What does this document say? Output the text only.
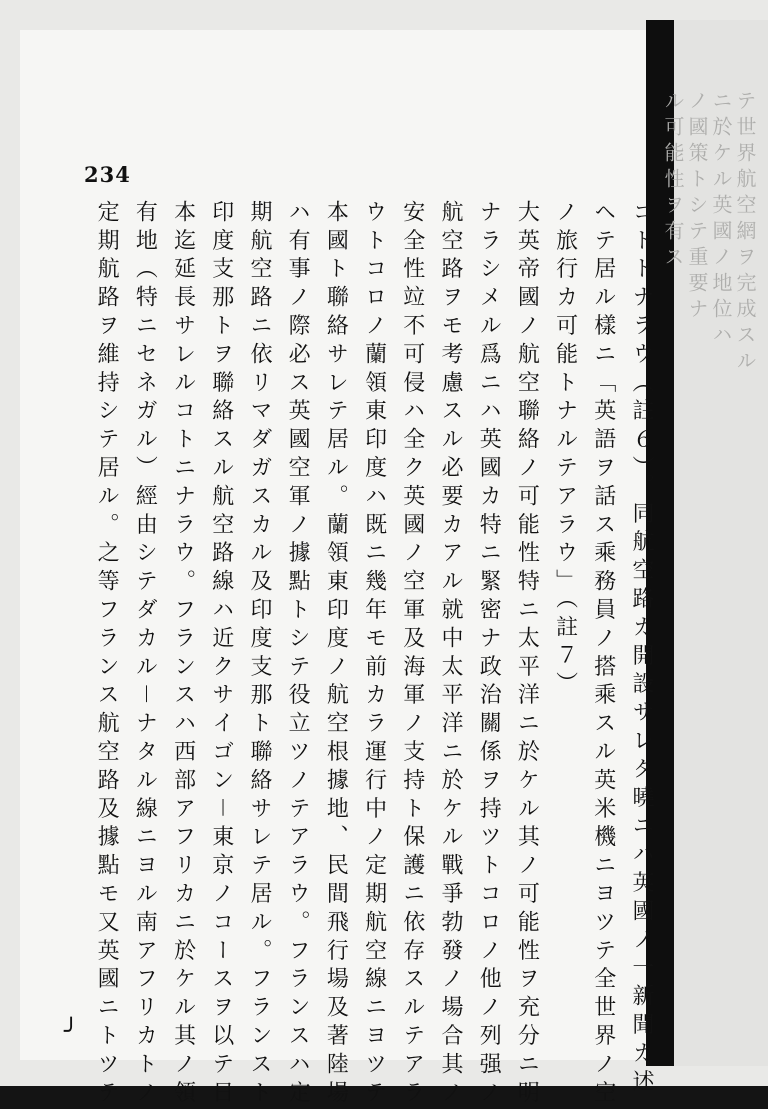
テ世界航空網ヲ完成スル
ニ於ケル英國ノ地位ハ
ノ國策トシテ重要ナ
ル可能性ヲ有ス
234
コトトナラウ（註６）。同航空路カ開設サレタ曉ニハ英國ノ一新聞カ述
ヘテ居ル樣ニ「英語ヲ話ス乘務員ノ搭乘スル英米機ニヨツテ全世界ノ空
ノ旅行カ可能トナルテアラウ」（註７）
大英帝國ノ航空聯絡ノ可能性特ニ太平洋ニ於ケル其ノ可能性ヲ充分ニ明
ナラシメル爲ニハ英國カ特ニ緊密ナ政治關係ヲ持ツトコロノ他ノ列强ノ
航空路ヲモ考慮スル必要カアル就中太平洋ニ於ケル戰爭勃發ノ場合其ノ
安全性竝不可侵ハ全ク英國ノ空軍及海軍ノ支持ト保護ニ依存スルテアラ
ウトコロノ蘭領東印度ハ既ニ幾年モ前カラ運行中ノ定期航空線ニヨツテ
本國ト聯絡サレテ居ル。蘭領東印度ノ航空根據地、民間飛行場及著陸場
ハ有事ノ際必ス英國空軍ノ據點トシテ役立ツノテアラウ。フランスハ定
期航空路ニ依リマダガスカル及印度支那ト聯絡サレテ居ル。フランスト
印度支那トヲ聯絡スル航空路線ハ近クサイゴン－東京ノコースヲ以テ日
本迄延長サレルコトニナラウ。フランスハ西部アフリカニ於ケル其ノ領
有地（特ニセネガル）經由シテダカル－ナタル線ニヨル南アフリカトノ
定期航路ヲ維持シテ居ル。之等フランス航空路及據點モ又英國ニトツテ
╯
